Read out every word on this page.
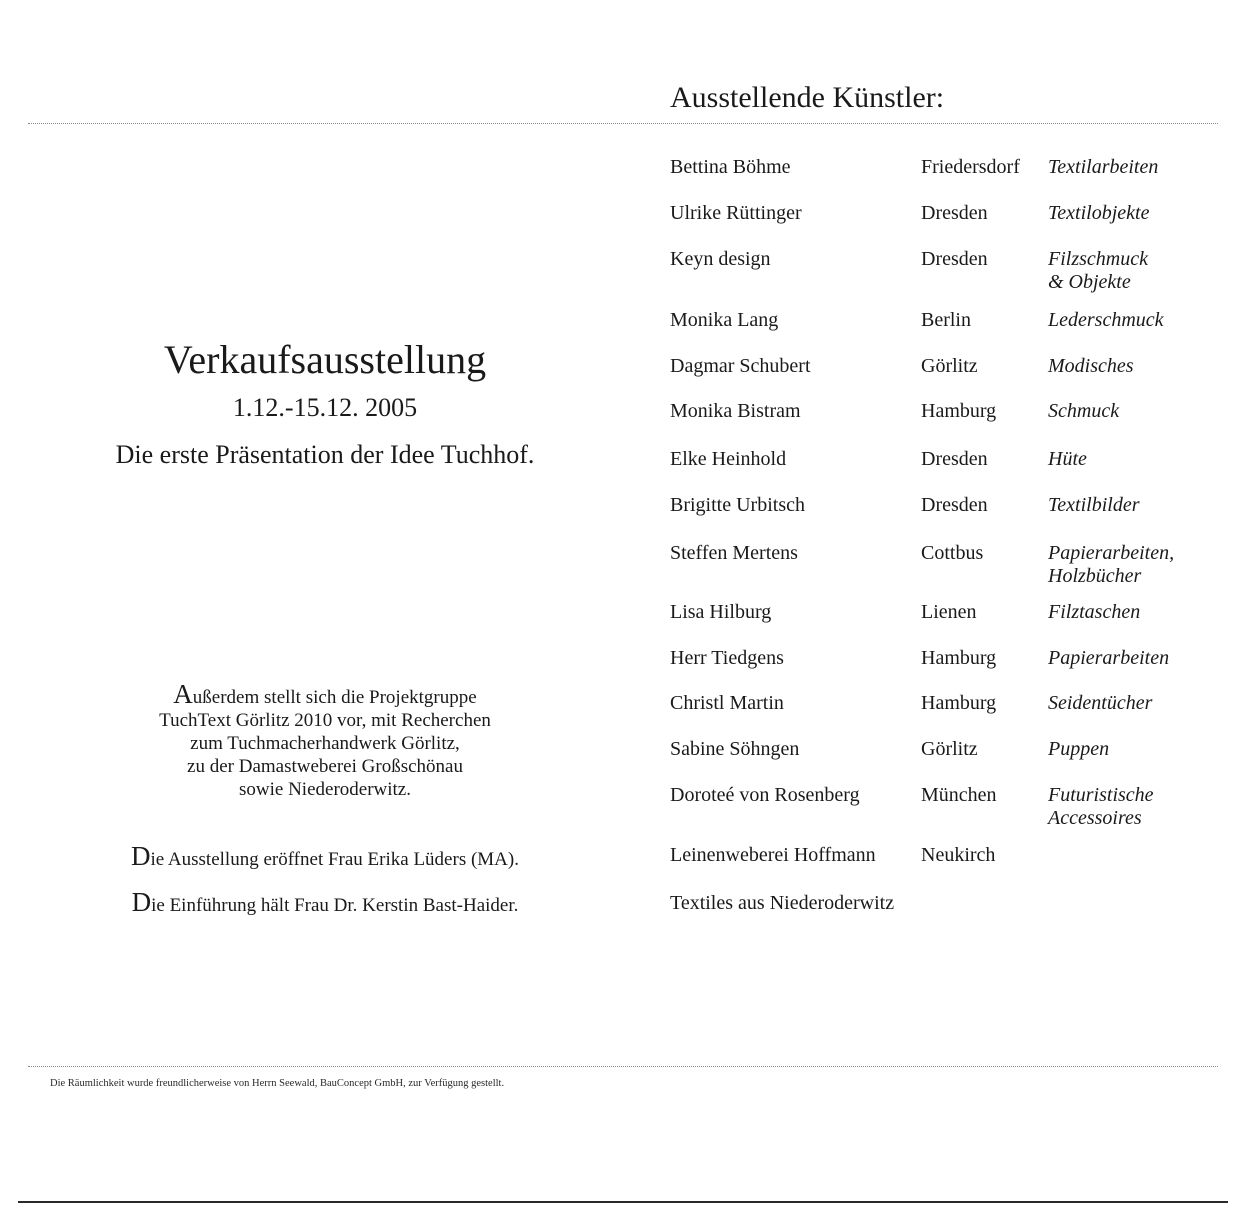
Ausstellende Künstler:
Bettina Böhme	Friedersdorf	Textilarbeiten
Ulrike Rüttinger	Dresden	Textilobjekte
Keyn design	Dresden	Filzschmuck
& Objekte
Monika Lang	Berlin	Lederschmuck
Dagmar Schubert	Görlitz	Modisches
Monika Bistram	Hamburg	Schmuck
Elke Heinhold	Dresden	Hüte
Brigitte Urbitsch	Dresden	Textilbilder
Steffen Mertens	Cottbus	Papierarbeiten,
Holzbücher
Lisa Hilburg	Lienen	Filztaschen
Herr Tiedgens	Hamburg	Papierarbeiten
Christl Martin	Hamburg	Seidentücher
Sabine Söhngen	Görlitz	Puppen
Doroteé von Rosenberg	München	Futuristische
Accessoires
Leinenweberei Hoffmann	Neukirch
Textiles aus Niederoderwitz
Verkaufsausstellung
1.12.-15.12. 2005
Die erste Präsentation der Idee Tuchhof.
Außerdem stellt sich die Projektgruppe
TuchText Görlitz 2010 vor, mit Recherchen
zum Tuchmacherhandwerk Görlitz,
zu der Damastweberei Großschönau
sowie Niederoderwitz.
Die Ausstellung eröffnet Frau Erika Lüders (MA).
Die Einführung hält Frau Dr. Kerstin Bast-Haider.
Die Räumlichkeit wurde freundlicherweise von Herrn Seewald, BauConcept GmbH, zur Verfügung gestellt.
